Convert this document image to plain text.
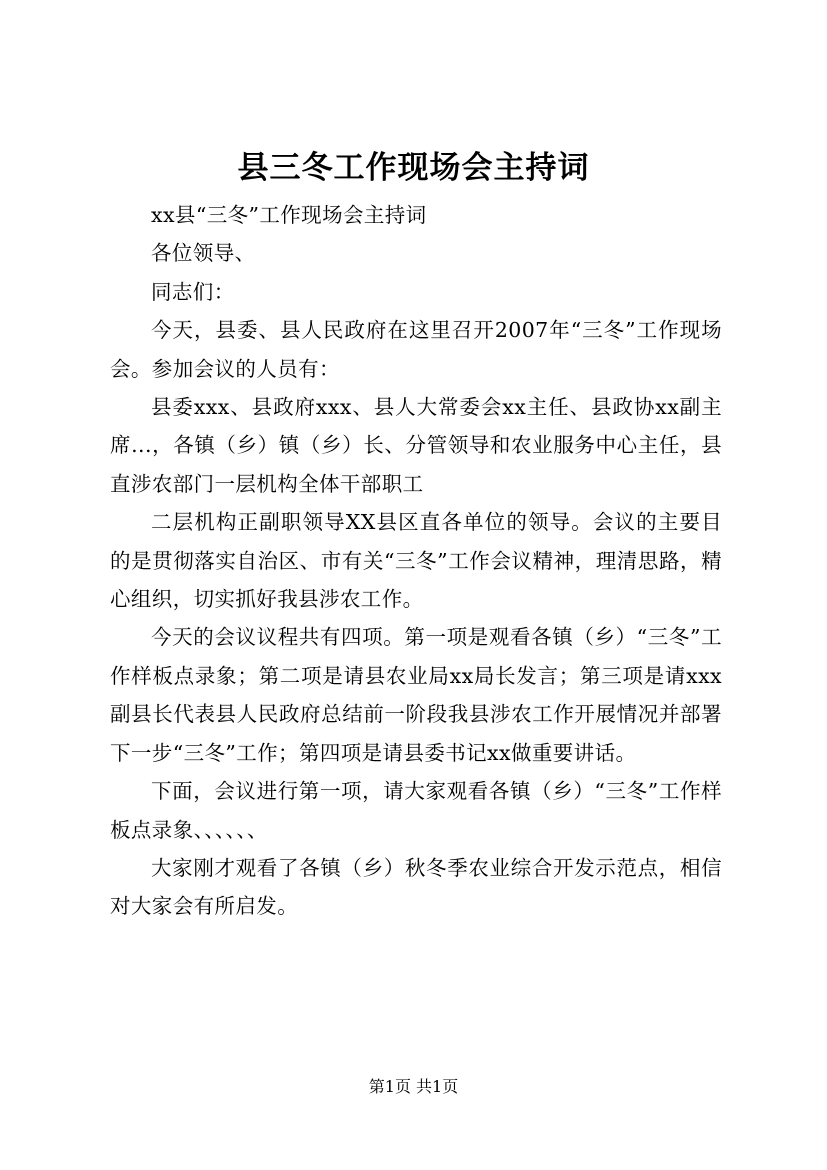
县三冬工作现场会主持词

xx县“三冬”工作现场会主持词

各位领导、

同志们：

今天，县委、县人民政府在这里召开2007年“三冬”工作现场会。参加会议的人员有：

县委xxx、县政府xxx、县人大常委会xx主任、县政协xx副主席...，各镇（乡）镇（乡）长、分管领导和农业服务中心主任，县直涉农部门一层机构全体干部职工

二层机构正副职领导XX县区直各单位的领导。会议的主要目的是贯彻落实自治区、市有关“三冬”工作会议精神，理清思路，精心组织，切实抓好我县涉农工作。

今天的会议议程共有四项。第一项是观看各镇（乡）“三冬”工作样板点录象；第二项是请县农业局xx局长发言；第三项是请xxx副县长代表县人民政府总结前一阶段我县涉农工作开展情况并部署下一步“三冬”工作；第四项是请县委书记xx做重要讲话。

下面，会议进行第一项，请大家观看各镇（乡）“三冬”工作样板点录象、、、、、、

大家刚才观看了各镇（乡）秋冬季农业综合开发示范点，相信对大家会有所启发。

第1页 共1页
